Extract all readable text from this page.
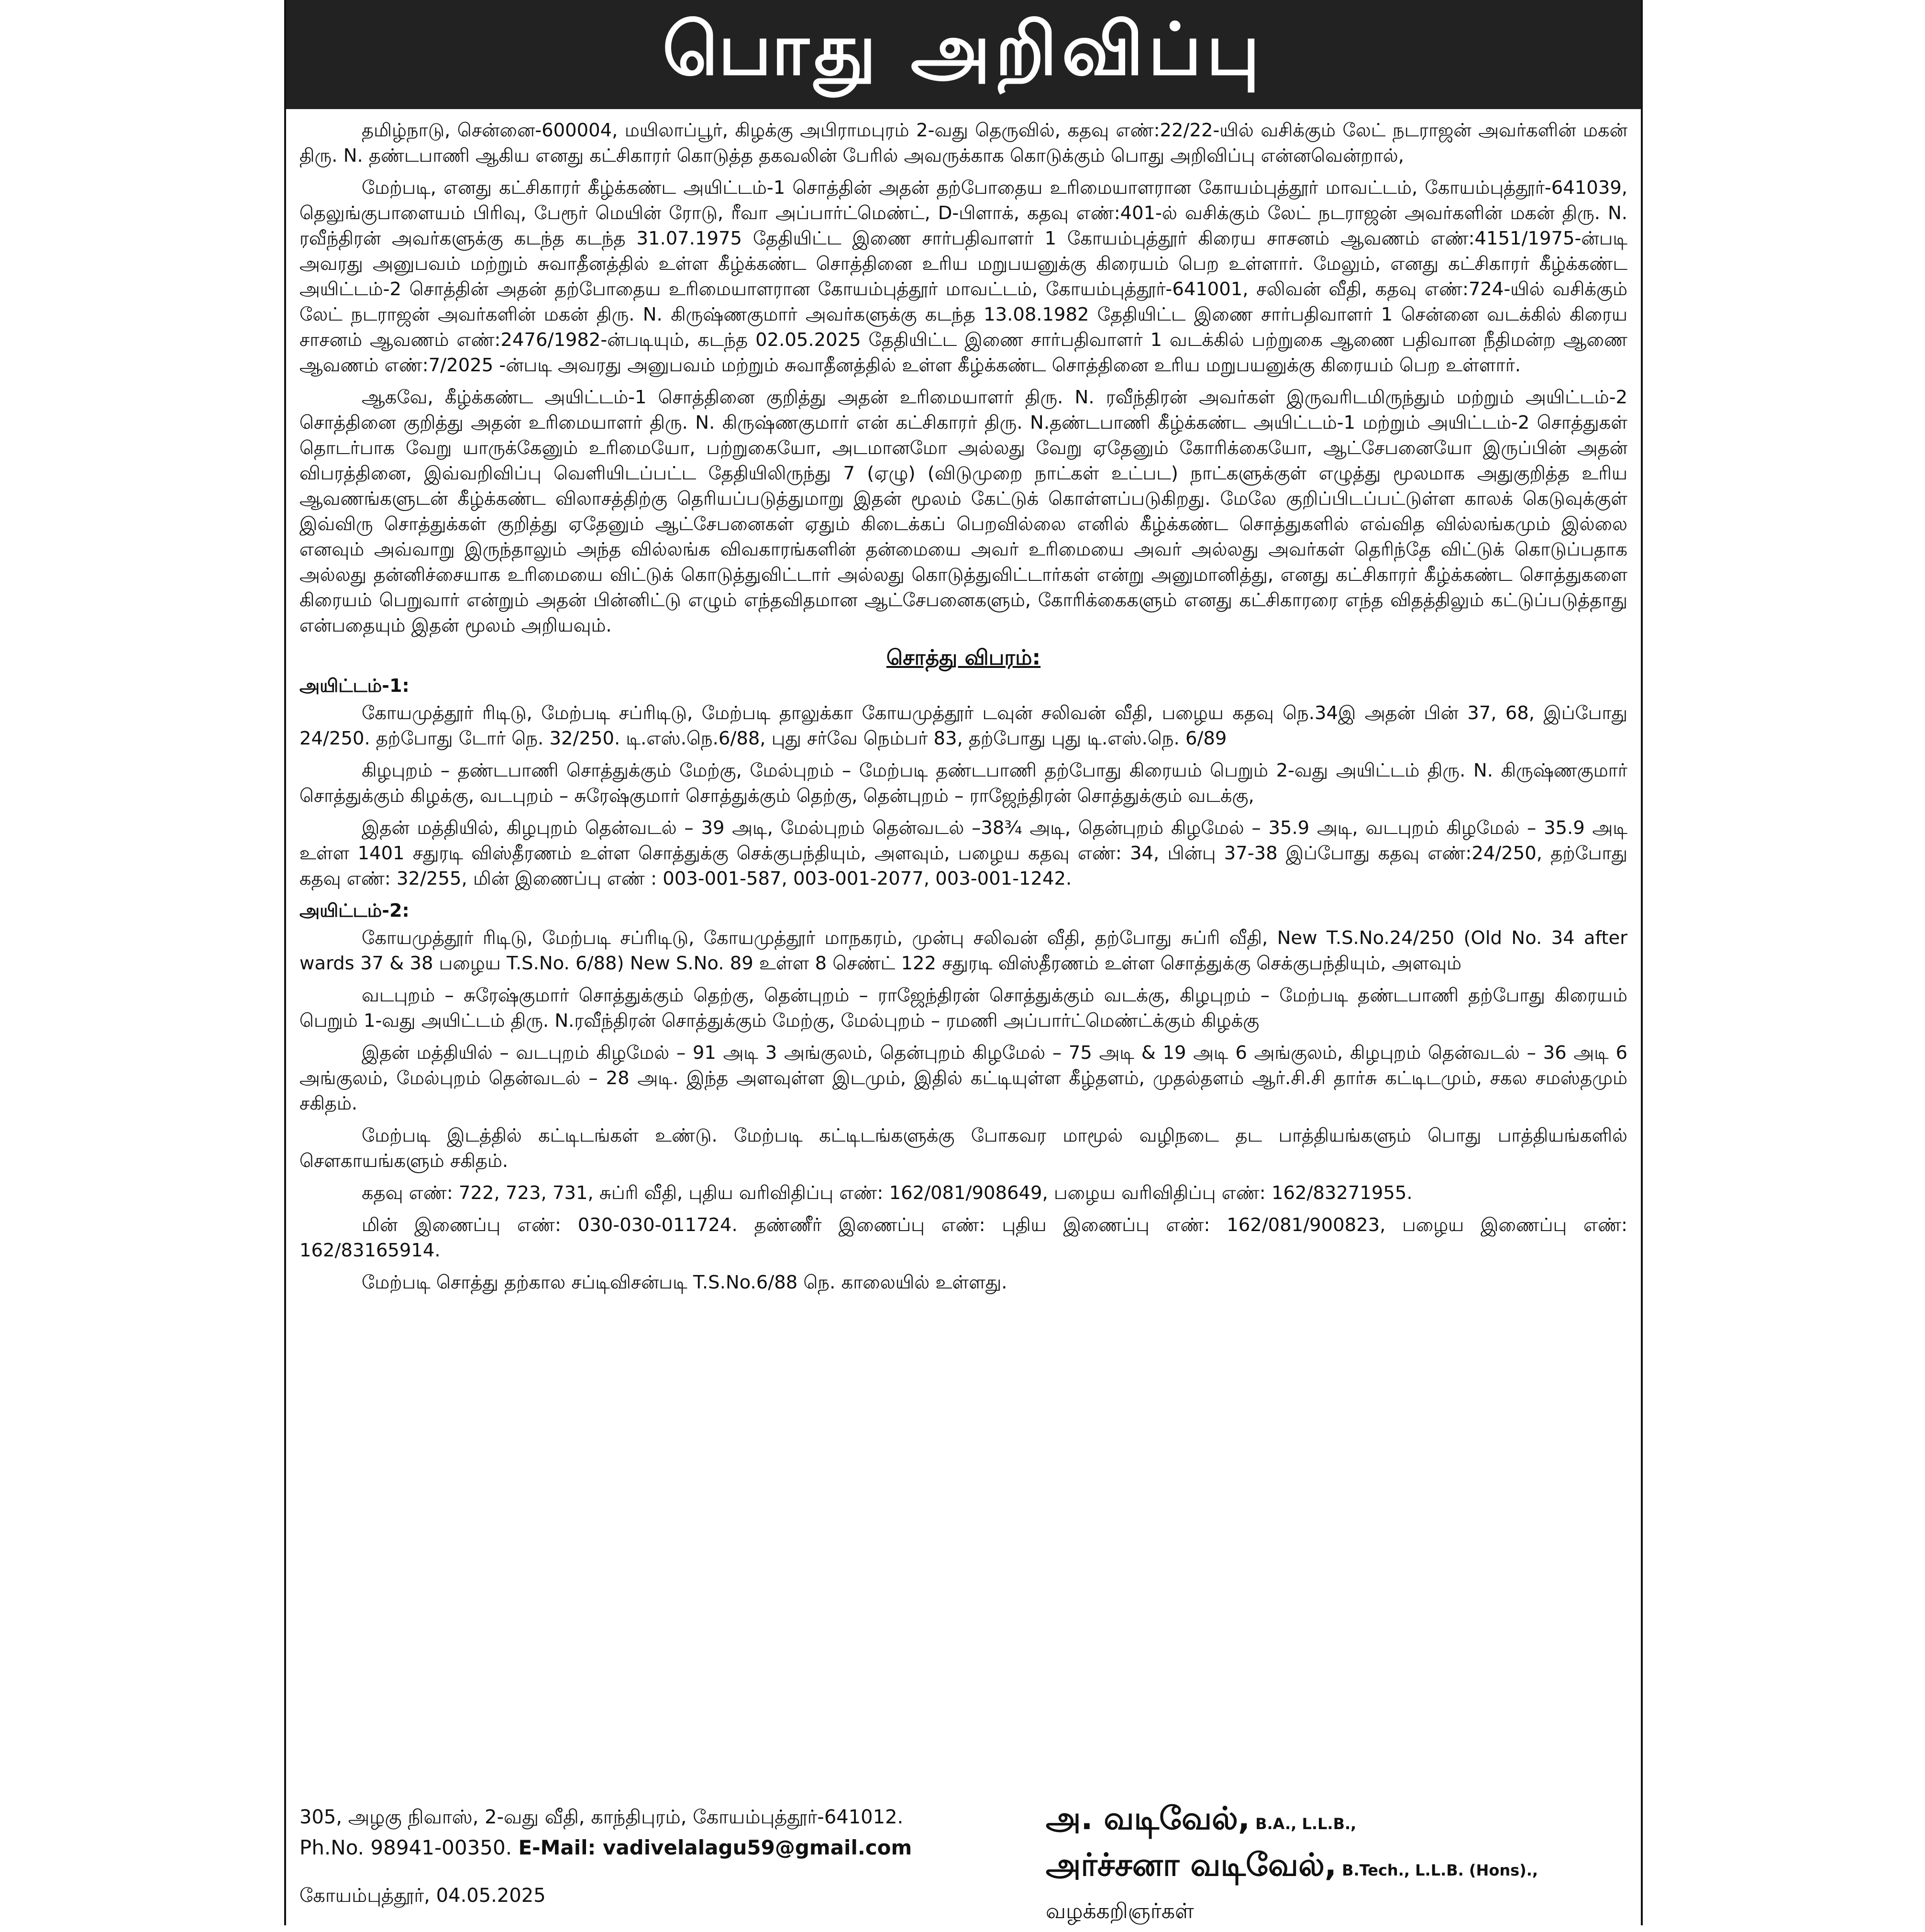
பொது அறிவிப்பு

தமிழ்நாடு, சென்னை-600004, மயிலாப்பூர், கிழக்கு அபிராமபுரம் 2-வது தெருவில், கதவு எண்:22/22-யில் வசிக்கும் லேட் நடராஜன் அவர்களின் மகன் திரு. N. தண்டபாணி ஆகிய எனது கட்சிகாரர் கொடுத்த தகவலின் பேரில் அவருக்காக கொடுக்கும் பொது அறிவிப்பு என்னவென்றால்,

மேற்படி, எனது கட்சிகாரர் கீழ்க்கண்ட அயிட்டம்-1 சொத்தின் அதன் தற்போதைய உரிமையாளரான கோயம்புத்தூர் மாவட்டம், கோயம்புத்தூர்-641039, தெலுங்குபாளையம் பிரிவு, பேரூர் மெயின் ரோடு, ரீவா அப்பார்ட்மெண்ட், D-பிளாக், கதவு எண்:401-ல் வசிக்கும் லேட் நடராஜன் அவர்களின் மகன் திரு. N. ரவீந்திரன் அவர்களுக்கு கடந்த கடந்த 31.07.1975 தேதியிட்ட இணை சார்பதிவாளர் 1 கோயம்புத்தூர் கிரைய சாசனம் ஆவணம் எண்:4151/1975-ன்படி அவரது அனுபவம் மற்றும் சுவாதீனத்தில் உள்ள கீழ்க்கண்ட சொத்தினை உரிய மறுபயனுக்கு கிரையம் பெற உள்ளார். மேலும், எனது கட்சிகாரர் கீழ்க்கண்ட அயிட்டம்-2 சொத்தின் அதன் தற்போதைய உரிமையாளரான கோயம்புத்தூர் மாவட்டம், கோயம்புத்தூர்-641001, சலிவன் வீதி, கதவு எண்:724-யில் வசிக்கும் லேட் நடராஜன் அவர்களின் மகன் திரு. N. கிருஷ்ணகுமார் அவர்களுக்கு கடந்த 13.08.1982 தேதியிட்ட இணை சார்பதிவாளர் 1 சென்னை வடக்கில் கிரைய சாசனம் ஆவணம் எண்:2476/1982-ன்படியும், கடந்த 02.05.2025 தேதியிட்ட இணை சார்பதிவாளர் 1 வடக்கில் பற்றுகை ஆணை பதிவான நீதிமன்ற ஆணை ஆவணம் எண்:7/2025 -ன்படி அவரது அனுபவம் மற்றும் சுவாதீனத்தில் உள்ள கீழ்க்கண்ட சொத்தினை உரிய மறுபயனுக்கு கிரையம் பெற உள்ளார்.

ஆகவே, கீழ்க்கண்ட அயிட்டம்-1 சொத்தினை குறித்து அதன் உரிமையாளர் திரு. N. ரவீந்திரன் அவர்கள் இருவரிடமிருந்தும் மற்றும் அயிட்டம்-2 சொத்தினை குறித்து அதன் உரிமையாளர் திரு. N. கிருஷ்ணகுமார் என் கட்சிகாரர் திரு. N.தண்டபாணி கீழ்க்கண்ட அயிட்டம்-1 மற்றும் அயிட்டம்-2 சொத்துகள் தொடர்பாக வேறு யாருக்கேனும் உரிமையோ, பற்றுகையோ, அடமானமோ அல்லது வேறு ஏதேனும் கோரிக்கையோ, ஆட்சேபனையோ இருப்பின் அதன் விபரத்தினை, இவ்வறிவிப்பு வெளியிடப்பட்ட தேதியிலிருந்து 7 (ஏழு) (விடுமுறை நாட்கள் உட்பட) நாட்களுக்குள் எழுத்து மூலமாக அதுகுறித்த உரிய ஆவணங்களுடன் கீழ்க்கண்ட விலாசத்திற்கு தெரியப்படுத்துமாறு இதன் மூலம் கேட்டுக் கொள்ளப்படுகிறது. மேலே குறிப்பிடப்பட்டுள்ள காலக் கெடுவுக்குள் இவ்விரு சொத்துக்கள் குறித்து ஏதேனும் ஆட்சேபனைகள் ஏதும் கிடைக்கப் பெறவில்லை எனில் கீழ்க்கண்ட சொத்துகளில் எவ்வித வில்லங்கமும் இல்லை எனவும் அவ்வாறு இருந்தாலும் அந்த வில்லங்க விவகாரங்களின் தன்மையை அவர் உரிமையை அவர் அல்லது அவர்கள் தெரிந்தே விட்டுக் கொடுப்பதாக அல்லது தன்னிச்சையாக உரிமையை விட்டுக் கொடுத்துவிட்டார் அல்லது கொடுத்துவிட்டார்கள் என்று அனுமானித்து, எனது கட்சிகாரர் கீழ்க்கண்ட சொத்துகளை கிரையம் பெறுவார் என்றும் அதன் பின்னிட்டு எழும் எந்தவிதமான ஆட்சேபனைகளும், கோரிக்கைகளும் எனது கட்சிகாரரை எந்த விதத்திலும் கட்டுப்படுத்தாது என்பதையும் இதன் மூலம் அறியவும்.

சொத்து விபரம்:
அயிட்டம்-1:

கோயமுத்தூர் ரிடிடு, மேற்படி சப்ரிடிடு, மேற்படி தாலுக்கா கோயமுத்தூர் டவுன் சலிவன் வீதி, பழைய கதவு நெ.34இ அதன் பின் 37, 68, இப்போது 24/250. தற்போது டோர் நெ. 32/250. டி.எஸ்.நெ.6/88, புது சர்வே நெம்பர் 83, தற்போது புது டி.எஸ்.நெ. 6/89

கிழபுறம் – தண்டபாணி சொத்துக்கும் மேற்கு, மேல்புறம் – மேற்படி தண்டபாணி தற்போது கிரையம் பெறும் 2-வது அயிட்டம் திரு. N. கிருஷ்ணகுமார் சொத்துக்கும் கிழக்கு, வடபுறம் – சுரேஷ்குமார் சொத்துக்கும் தெற்கு, தென்புறம் – ராஜேந்திரன் சொத்துக்கும் வடக்கு,

இதன் மத்தியில், கிழபுறம் தென்வடல் – 39 அடி, மேல்புறம் தென்வடல் –38¾ அடி, தென்புறம் கிழமேல் – 35.9 அடி, வடபுறம் கிழமேல் – 35.9 அடி உள்ள 1401 சதுரடி விஸ்தீரணம் உள்ள சொத்துக்கு செக்குபந்தியும், அளவும், பழைய கதவு எண்: 34, பின்பு 37-38 இப்போது கதவு எண்:24/250, தற்போது கதவு எண்: 32/255, மின் இணைப்பு எண் : 003-001-587, 003-001-2077, 003-001-1242.

அயிட்டம்-2:

கோயமுத்தூர் ரிடிடு, மேற்படி சப்ரிடிடு, கோயமுத்தூர் மாநகரம், முன்பு சலிவன் வீதி, தற்போது சுப்ரி வீதி, New T.S.No.24/250 (Old No. 34 after wards 37 & 38 பழைய T.S.No. 6/88) New S.No. 89 உள்ள 8 செண்ட் 122 சதுரடி விஸ்தீரணம் உள்ள சொத்துக்கு செக்குபந்தியும், அளவும்

வடபுறம் – சுரேஷ்குமார் சொத்துக்கும் தெற்கு, தென்புறம் – ராஜேந்திரன் சொத்துக்கும் வடக்கு, கிழபுறம் – மேற்படி தண்டபாணி தற்போது கிரையம் பெறும் 1-வது அயிட்டம் திரு. N.ரவீந்திரன் சொத்துக்கும் மேற்கு, மேல்புறம் – ரமணி அப்பார்ட்மெண்ட்க்கும் கிழக்கு

இதன் மத்தியில் – வடபுறம் கிழமேல் – 91 அடி 3 அங்குலம், தென்புறம் கிழமேல் – 75 அடி & 19 அடி 6 அங்குலம், கிழபுறம் தென்வடல் – 36 அடி 6 அங்குலம், மேல்புறம் தென்வடல் – 28 அடி. இந்த அளவுள்ள இடமும், இதில் கட்டியுள்ள கீழ்தளம், முதல்தளம் ஆர்.சி.சி தார்சு கட்டிடமும், சகல சமஸ்தமும் சகிதம்.

மேற்படி இடத்தில் கட்டிடங்கள் உண்டு. மேற்படி கட்டிடங்களுக்கு போகவர மாமூல் வழிநடை தட பாத்தியங்களும் பொது பாத்தியங்களில் சௌகாயங்களும் சகிதம்.

கதவு எண்: 722, 723, 731, சுப்ரி வீதி, புதிய வரிவிதிப்பு எண்: 162/081/908649, பழைய வரிவிதிப்பு எண்: 162/83271955.

மின் இணைப்பு எண்: 030-030-011724. தண்ணீர் இணைப்பு எண்: புதிய இணைப்பு எண்: 162/081/900823, பழைய இணைப்பு எண்: 162/83165914.

மேற்படி சொத்து தற்கால சப்டிவிசன்படி T.S.No.6/88 நெ. காலையில் உள்ளது.

305, அழகு நிவாஸ், 2-வது வீதி, காந்திபுரம், கோயம்புத்தூர்-641012.
Ph.No. 98941-00350. E-Mail: vadivelalagu59@gmail.com
கோயம்புத்தூர், 04.05.2025
அ. வடிவேல், B.A., L.L.B.,
அர்ச்சனா வடிவேல், B.Tech., L.L.B. (Hons).,
வழக்கறிஞர்கள்
